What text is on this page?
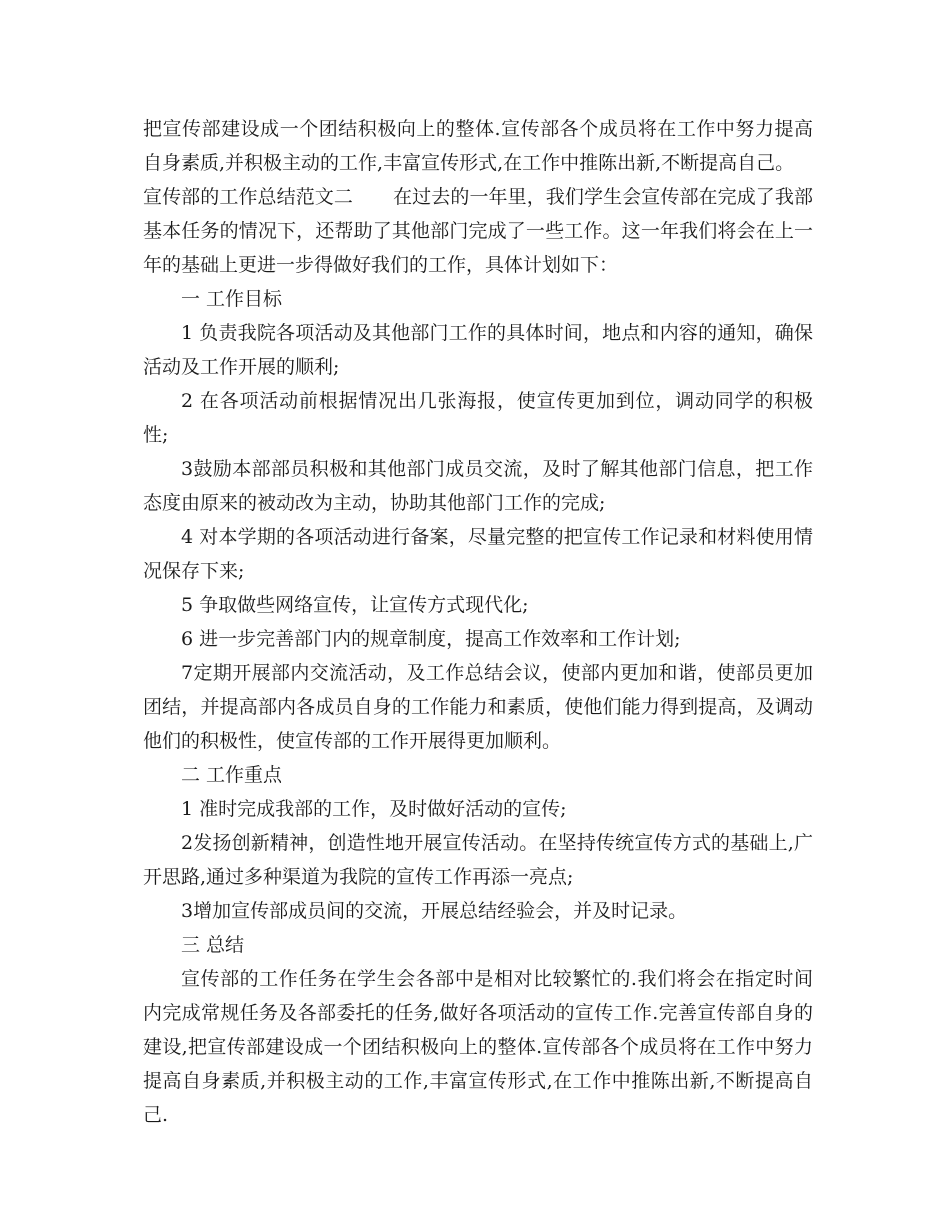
把宣传部建设成一个团结积极向上的整体.宣传部各个成员将在工作中努力提高自身素质,并积极主动的工作,丰富宣传形式,在工作中推陈出新,不断提高自己。

宣传部的工作总结范文二 在过去的一年里，我们学生会宣传部在完成了我部基本任务的情况下，还帮助了其他部门完成了一些工作。这一年我们将会在上一年的基础上更进一步得做好我们的工作，具体计划如下：

一 工作目标

1 负责我院各项活动及其他部门工作的具体时间，地点和内容的通知，确保活动及工作开展的顺利;

2 在各项活动前根据情况出几张海报，使宣传更加到位，调动同学的积极性;

3鼓励本部部员积极和其他部门成员交流，及时了解其他部门信息，把工作态度由原来的被动改为主动，协助其他部门工作的完成;

4 对本学期的各项活动进行备案，尽量完整的把宣传工作记录和材料使用情况保存下来;

5 争取做些网络宣传，让宣传方式现代化;

6 进一步完善部门内的规章制度，提高工作效率和工作计划;

7定期开展部内交流活动，及工作总结会议，使部内更加和谐，使部员更加团结，并提高部内各成员自身的工作能力和素质，使他们能力得到提高，及调动他们的积极性，使宣传部的工作开展得更加顺利。

二 工作重点

1 准时完成我部的工作，及时做好活动的宣传;

2发扬创新精神，创造性地开展宣传活动。在坚持传统宣传方式的基础上,广开思路,通过多种渠道为我院的宣传工作再添一亮点;

3增加宣传部成员间的交流，开展总结经验会，并及时记录。

三 总结

宣传部的工作任务在学生会各部中是相对比较繁忙的.我们将会在指定时间内完成常规任务及各部委托的任务,做好各项活动的宣传工作.完善宣传部自身的建设,把宣传部建设成一个团结积极向上的整体.宣传部各个成员将在工作中努力提高自身素质,并积极主动的工作,丰富宣传形式,在工作中推陈出新,不断提高自己.
